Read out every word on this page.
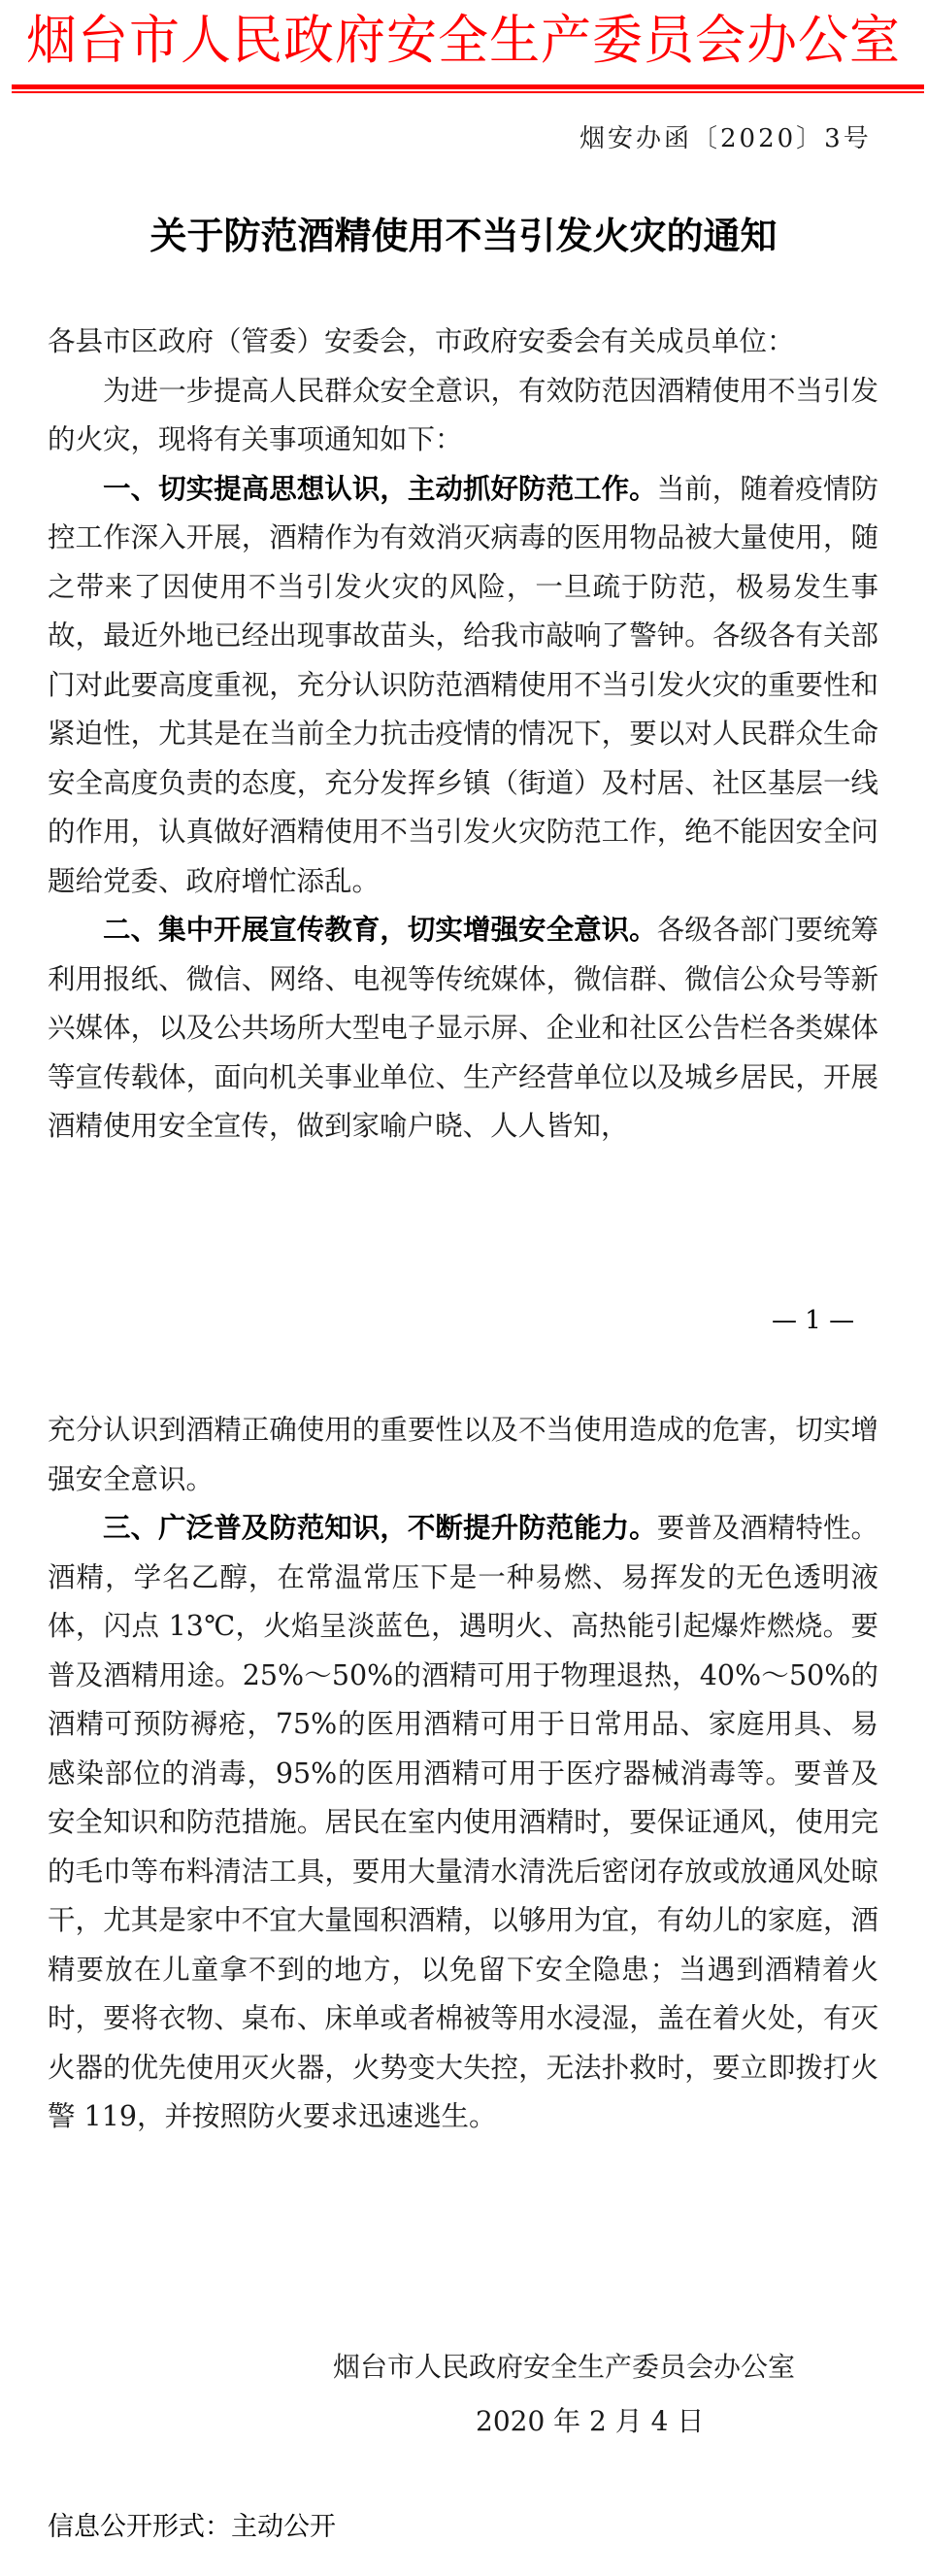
烟台市人民政府安全生产委员会办公室
烟安办函〔2020〕3号
关于防范酒精使用不当引发火灾的通知

各县市区政府（管委）安委会，市政府安委会有关成员单位：

为进一步提高人民群众安全意识，有效防范因酒精使用不当引发的火灾，现将有关事项通知如下：

一、切实提高思想认识，主动抓好防范工作。当前，随着疫情防控工作深入开展，酒精作为有效消灭病毒的医用物品被大量使用，随之带来了因使用不当引发火灾的风险，一旦疏于防范，极易发生事故，最近外地已经出现事故苗头，给我市敲响了警钟。各级各有关部门对此要高度重视，充分认识防范酒精使用不当引发火灾的重要性和紧迫性，尤其是在当前全力抗击疫情的情况下，要以对人民群众生命安全高度负责的态度，充分发挥乡镇（街道）及村居、社区基层一线的作用，认真做好酒精使用不当引发火灾防范工作，绝不能因安全问题给党委、政府增忙添乱。

二、集中开展宣传教育，切实增强安全意识。各级各部门要统筹利用报纸、微信、网络、电视等传统媒体，微信群、微信公众号等新兴媒体，以及公共场所大型电子显示屏、企业和社区公告栏各类媒体等宣传载体，面向机关事业单位、生产经营单位以及城乡居民，开展酒精使用安全宣传，做到家喻户晓、人人皆知，

— 1 —

充分认识到酒精正确使用的重要性以及不当使用造成的危害，切实增强安全意识。

三、广泛普及防范知识，不断提升防范能力。要普及酒精特性。酒精，学名乙醇，在常温常压下是一种易燃、易挥发的无色透明液体，闪点 13℃，火焰呈淡蓝色，遇明火、高热能引起爆炸燃烧。要普及酒精用途。25%～50%的酒精可用于物理退热，40%～50%的酒精可预防褥疮，75%的医用酒精可用于日常用品、家庭用具、易感染部位的消毒，95%的医用酒精可用于医疗器械消毒等。要普及安全知识和防范措施。居民在室内使用酒精时，要保证通风，使用完的毛巾等布料清洁工具，要用大量清水清洗后密闭存放或放通风处晾干，尤其是家中不宜大量囤积酒精，以够用为宜，有幼儿的家庭，酒精要放在儿童拿不到的地方，以免留下安全隐患；当遇到酒精着火时，要将衣物、桌布、床单或者棉被等用水浸湿，盖在着火处，有灭火器的优先使用灭火器，火势变大失控，无法扑救时，要立即拨打火警 119，并按照防火要求迅速逃生。

烟台市人民政府安全生产委员会办公室
2020 年 2 月 4 日
信息公开形式：主动公开
